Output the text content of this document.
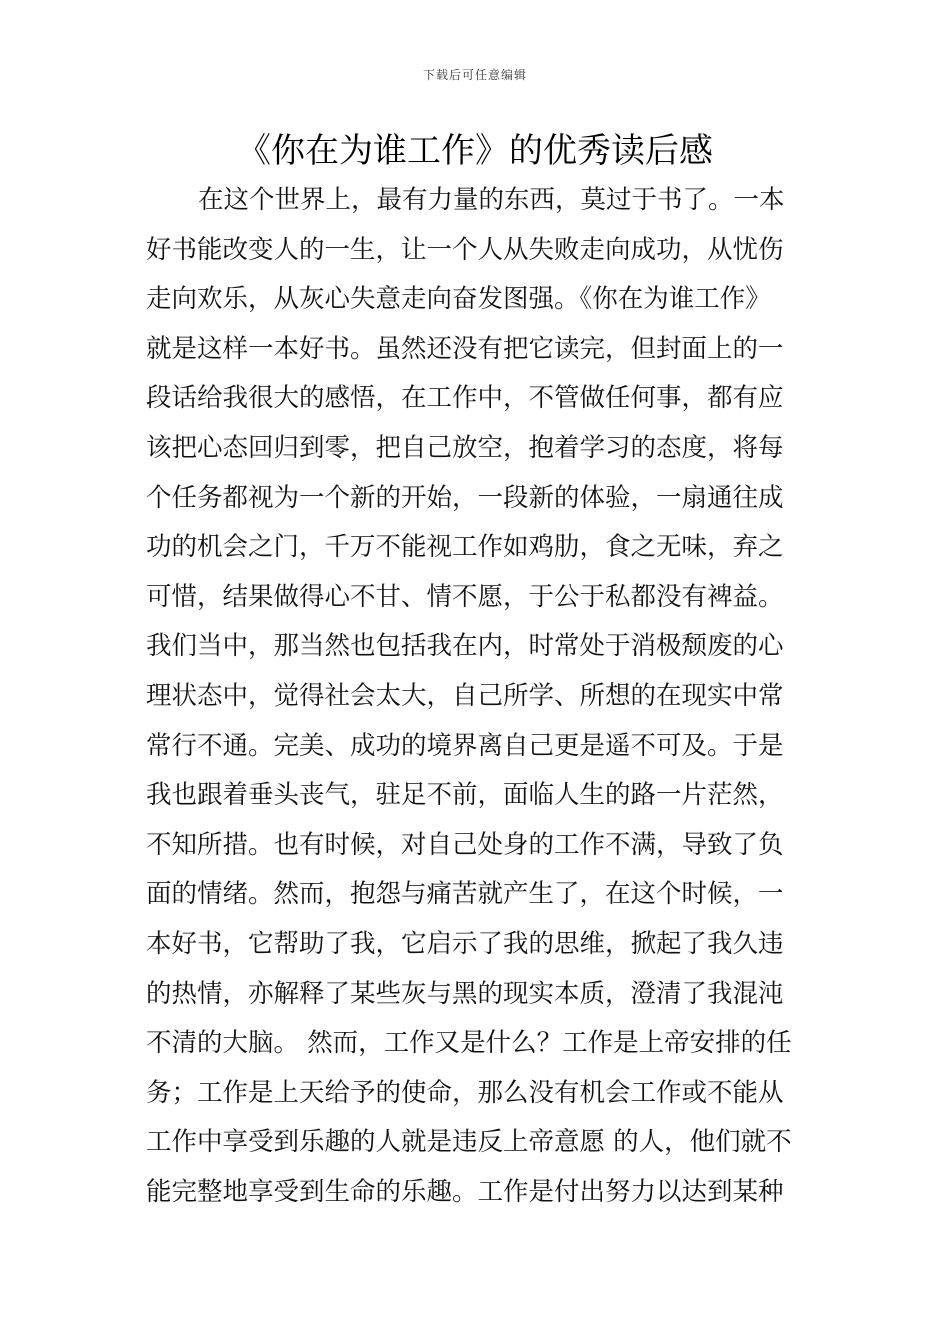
下载后可任意编辑
《你在为谁工作》的优秀读后感
在这个世界上，最有力量的东西，莫过于书了。一本
好书能改变人的一生，让一个人从失败走向成功，从忧伤
走向欢乐，从灰心失意走向奋发图强。《你在为谁工作》
就是这样一本好书。虽然还没有把它读完，但封面上的一
段话给我很大的感悟，在工作中，不管做任何事，都有应
该把心态回归到零，把自己放空，抱着学习的态度，将每
个任务都视为一个新的开始，一段新的体验，一扇通往成
功的机会之门，千万不能视工作如鸡肋，食之无味，弃之
可惜，结果做得心不甘、情不愿，于公于私都没有裨益。
我们当中，那当然也包括我在内，时常处于消极颓废的心
理状态中，觉得社会太大，自己所学、所想的在现实中常
常行不通。完美、成功的境界离自己更是遥不可及。于是
我也跟着垂头丧气，驻足不前，面临人生的路一片茫然，
不知所措。也有时候，对自己处身的工作不满，导致了负
面的情绪。然而，抱怨与痛苦就产生了，在这个时候，一
本好书，它帮助了我，它启示了我的思维，掀起了我久违
的热情，亦解释了某些灰与黑的现实本质，澄清了我混沌
不清的大脑。 然而，工作又是什么？工作是上帝安排的任
务；工作是上天给予的使命，那么没有机会工作或不能从
工作中享受到乐趣的人就是违反上帝意愿 的人，他们就不
能完整地享受到生命的乐趣。工作是付出努力以达到某种
